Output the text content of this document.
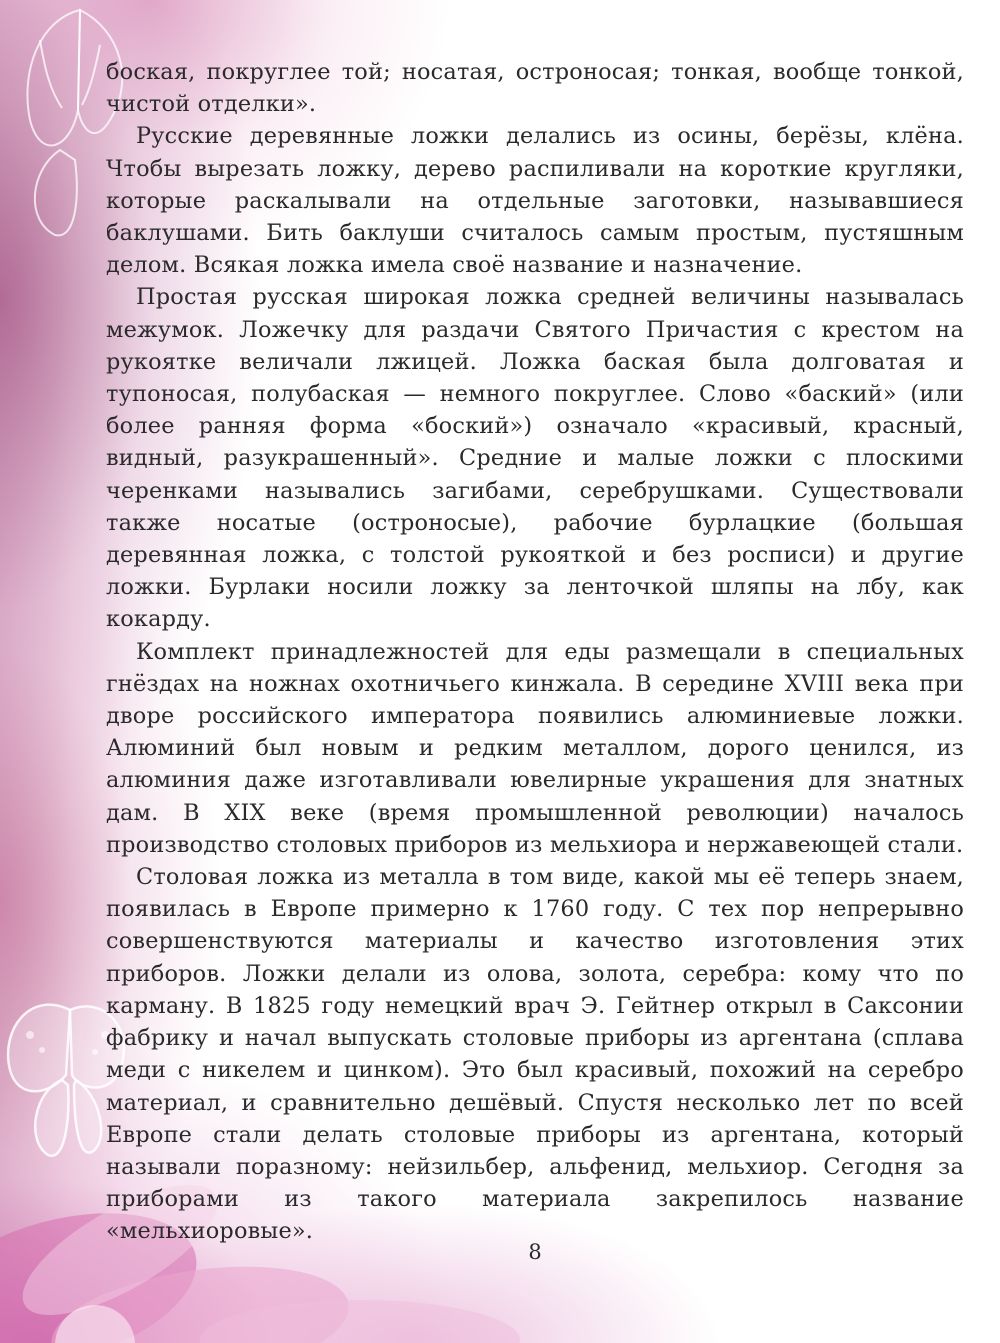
боская, покруглее той; носатая, остроносая; тонкая, вообще тонкой, чистой отделки».

Русские деревянные ложки делались из осины, берёзы, клёна. Чтобы вырезать ложку, дерево распиливали на короткие кругляки, которые раскалывали на отдельные заготовки, называвшиеся баклушами. Бить баклуши считалось самым простым, пустяшным делом. Всякая ложка имела своё название и назначение.

Простая русская широкая ложка средней величины называлась межумок. Ложечку для раздачи Святого Причастия с крестом на рукоятке величали лжицей. Ложка баская была долговатая и тупоносая, полубаская — немного покруглее. Слово «баский» (или более ранняя форма «боский») означало «красивый, красный, видный, разукрашенный». Средние и малые ложки с плоскими черенками назывались загибами, серебрушками. Существовали также носатые (остроносые), рабочие бурлацкие (большая деревянная ложка, с толстой рукояткой и без росписи) и другие ложки. Бурлаки носили ложку за ленточкой шляпы на лбу, как кокарду.

Комплект принадлежностей для еды размещали в специальных гнёздах на ножнах охотничьего кинжала. В середине XVIII века при дворе российского императора появились алюминиевые ложки. Алюминий был новым и редким металлом, дорого ценился, из алюминия даже изготавливали ювелирные украшения для знатных дам. В XIX веке (время промышленной революции) началось производство столовых приборов из мельхиора и нержавеющей стали.

Столовая ложка из металла в том виде, какой мы её теперь знаем, появилась в Европе примерно к 1760 году. С тех пор непрерывно совершенствуются материалы и качество изготовления этих приборов. Ложки делали из олова, золота, серебра: кому что по карману. В 1825 году немецкий врач Э. Гейтнер открыл в Саксонии фабрику и начал выпускать столовые приборы из аргентана (сплава меди с никелем и цинком). Это был красивый, похожий на серебро материал, и сравнительно дешёвый. Спустя несколько лет по всей Европе стали делать столовые приборы из аргентана, который называли поразному: нейзильбер, альфенид, мельхиор. Сегодня за приборами из такого материала закрепилось название «мельхиоровые».

8
